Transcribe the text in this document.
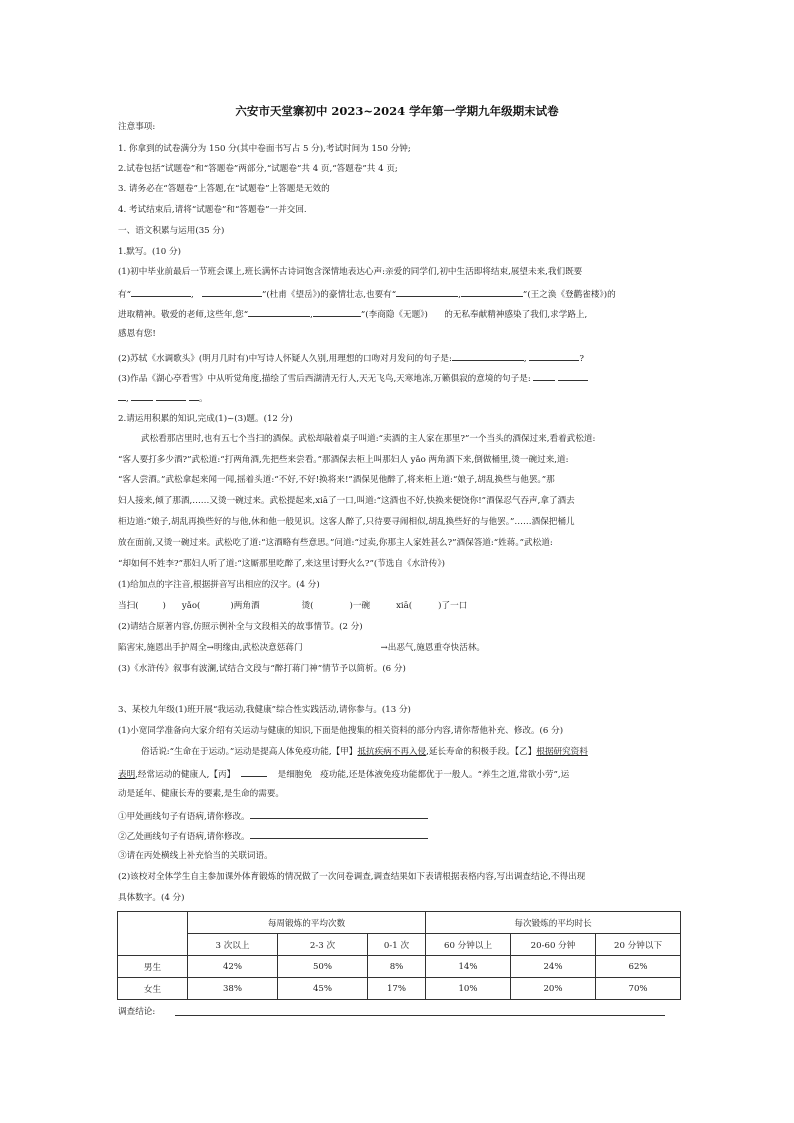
六安市天堂寨初中 2023~2024 学年第一学期九年级期末试卷
注意事项:
1. 你拿到的试卷满分为 150 分(其中卷面书写占 5 分),考试时间为 150 分钟;
2.试卷包括“试题卷”和“答题卷”两部分,“试题卷”共 4 页,“答题卷”共 4 页;
3. 请务必在“答题卷”上答题,在“试题卷”上答题是无效的
4. 考试结束后,请将“试题卷”和“答题卷”一并交回.
一、语文积累与运用(35 分)
1.默写。(10 分)
(1)初中毕业前最后一节班会课上,班长满怀古诗词饱含深情地表达心声:亲爱的同学们,初中生活即将结束,展望未来,我们既要
有“	,	”(杜甫《望岳》)的豪情壮志,也要有“	,	”(王之涣《登鹳雀楼》)的
进取精神。敬爱的老师,这些年,您“	,	”(李商隐《无题》) 的无私奉献精神感染了我们,求学路上,
感恩有您!
(2)苏轼《水调歌头》(明月几时有)中写诗人怀疑人久别,用理想的口吻对月发问的句子是:	,	?
(3)作品《湖心亭看雪》中从听觉角度,描绘了雪后西湖清无行人,天无飞鸟,天寒地冻,万籁俱寂的意境的句子是:
,	。
2.请运用积累的知识,完成(1)~(3)题。(12 分)
武松看那店里时,也有五七个当扫的酒保。武松却敲着桌子叫道:“卖酒的主人家在那里?”一个当头的酒保过来,看着武松道:
“客人要打多少酒?”武松道:“打两角酒,先把些来尝看。”那酒保去柜上叫那妇人 yǎo 两角酒下来,倒做桶里,烫一碗过来,道:
“客人尝酒。”武松拿起来闻一闻,摇着头道:“不好,不好!换将来!”酒保见他醉了,将来柜上道:“娘子,胡乱换些与他罢。”那
妇人接来,倾了那酒,……又烫一碗过来。武松提起来,xiā了一口,叫道:“这酒也不好,快换来便饶你!”酒保忍气吞声,拿了酒去
柜边道:“娘子,胡乱再换些好的与他,休和他一般见识。这客人醉了,只待要寻闹相似,胡乱换些好的与他罢。”……酒保把桶儿
放在面前,又烫一碗过来。武松吃了道:“这酒略有些意思。”问道:“过卖,你那主人家姓甚么?”酒保答道:“姓蒋。”武松道:
“却如何不姓李?”那妇人听了道:“这厮那里吃醉了,来这里讨野火么?”(节选自《水浒传》)
(1)给加点的字注音,根据拼音写出相应的汉字。(4 分)
当扫(	) yǎo(	)两角酒	烫(	)一碗	xiā(	)了一口
(2)请结合原著内容,仿照示例补全与文段相关的故事情节。(2 分)
陷害宋,施恩出手护周全→明缘由,武松决意惩蒋门	→出恶气,施恩重夺快活林。
(3)《水浒传》叙事有波澜,试结合文段与“醉打蒋门神”情节予以简析。(6 分)
3、某校九年级(1)班开展“我运动,我健康”综合性实践活动,请你参与。(13 分)
(1)小宽同学准备向大家介绍有关运动与健康的知识,下面是他搜集的相关资料的部分内容,请你帮他补充、修改。(6 分)
俗话说:“生命在于运动。”运动是提高人体免疫功能,【甲】抵抗疾病不再入侵,延长寿命的积极手段。【乙】根据研究资料
表明,经常运动的健康人,【丙】	是细胞免 疫功能,还是体液免疫功能都优于一般人。“养生之道,常欲小劳”,运
动是延年、健康长寿的要素,是生命的需要。
①甲处画线句子有语病,请你修改。
②乙处画线句子有语病,请你修改。
③请在丙处横线上补充恰当的关联词语。
(2)该校对全体学生自主参加课外体育锻炼的情况做了一次问卷调查,调查结果如下表请根据表格内容,写出调查结论,不得出现
具体数字。(4 分)
	每周锻炼的平均次数			每次锻炼的平均时长		
	3 次以上	2-3 次	0-1 次	60 分钟以上	20-60 分钟	20 分钟以下
男生	42%	50%	8%	14%	24%	62%
女生	38%	45%	17%	10%	20%	70%
调查结论:
